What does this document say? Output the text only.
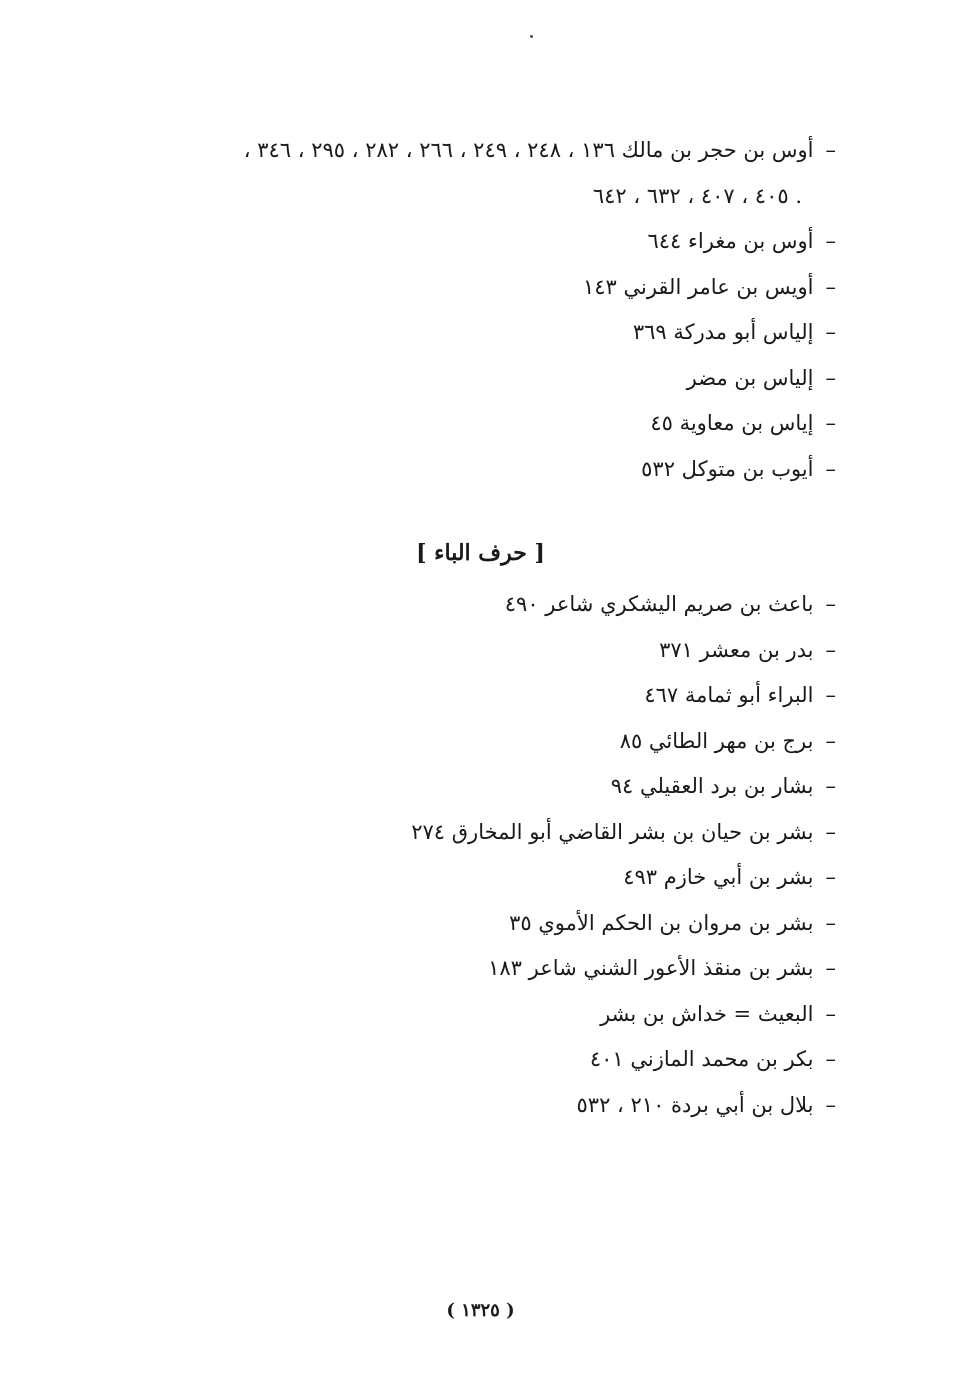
–أوس بن حجر بن مالك ١٣٦ ، ٢٤٨ ، ٢٤٩ ، ٢٦٦ ، ٢٨٢ ، ٢٩٥ ، ٣٤٦ ،

٤٠٥ ، ٤٠٧ ، ٦٣٢ ، ٦٤٢ .

–أوس بن مغراء ٦٤٤

–أويس بن عامر القرني ١٤٣

–إلياس أبو مدركة ٣٦٩

–إلياس بن مضر

–إياس بن معاوية ٤٥

–أيوب بن متوكل ٥٣٢

[ حرف الباء ]

–باعث بن صريم اليشكري شاعر ٤٩٠

–بدر بن معشر ٣٧١

–البراء أبو ثمامة ٤٦٧

–برج بن مهر الطائي ٨٥

–بشار بن برد العقيلي ٩٤

–بشر بن حيان بن بشر القاضي أبو المخارق ٢٧٤

–بشر بن أبي خازم ٤٩٣

–بشر بن مروان بن الحكم الأموي ٣٥

–بشر بن منقذ الأعور الشني شاعر ١٨٣

–البعيث = خداش بن بشر

–بكر بن محمد المازني ٤٠١

–بلال بن أبي بردة ٢١٠ ، ٥٣٢

( ١٣٢٥ )
